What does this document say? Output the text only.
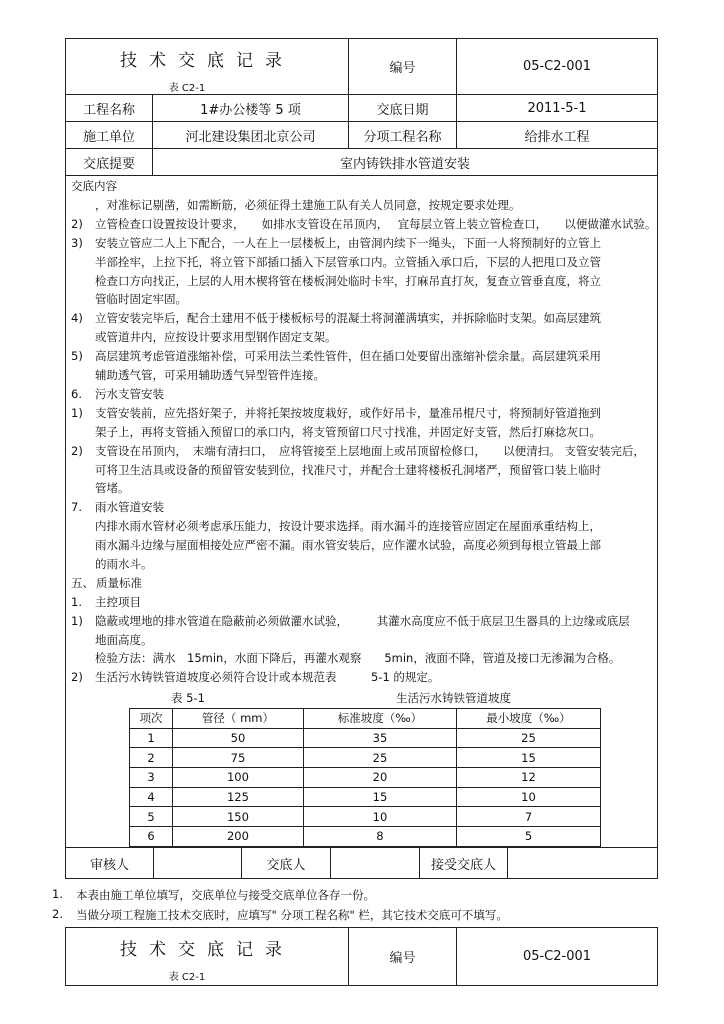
技术交底记录
表 C2-1
编号	05-C2-001
工程名称	1#办公楼等 5 项	交底日期	2011-5-1
施工单位	河北建设集团北京公司	分项工程名称	给排水工程
交底提要	室内铸铁排水管道安装
交底内容
表 5-1	生活污水铸铁管道坡度
，对准标记剔凿，如需断筋，必须征得土建施工队有关人员同意，按规定要求处理。
2) 立管检查口设置按设计要求，　　如排水支管设在吊顶内，　 宜每层立管上装立管检查口，　　以便做灌水试验。
3) 安装立管应二人上下配合，一人在上一层楼板上，由管洞内续下一绳头，下面一人将预制好的立管上
半部拴牢，上拉下托，将立管下部插口插入下层管承口内。立管插入承口后，下层的人把甩口及立管
检查口方向找正，上层的人用木楔将管在楼板洞处临时卡牢，打麻吊直打灰，复查立管垂直度，将立
管临时固定牢固。
4) 立管安装完毕后，配合土建用不低于楼板标号的混凝土将洞灌满填实，并拆除临时支架。如高层建筑
或管道井内，应按设计要求用型钢作固定支架。
5) 高层建筑考虑管道涨缩补偿，可采用法兰柔性管件，但在插口处要留出涨缩补偿余量。高层建筑采用
辅助透气管，可采用辅助透气异型管件连接。
6. 污水支管安装
1) 支管安装前，应先搭好架子，并将托架按坡度栽好，或作好吊卡，量准吊棍尺寸，将预制好管道拖到
架子上，再将支管插入预留口的承口内，将支管预留口尺寸找准，并固定好支管，然后打麻捻灰口。
2) 支管设在吊顶内，　末端有清扫口，　应将管接至上层地面上或吊顶留检修口，　　以便清扫。 支管安装完后，
可将卫生洁具或设备的预留管安装到位，找准尺寸，并配合土建将楼板孔洞堵严，预留管口装上临时
管堵。
7. 雨水管道安装
内排水雨水管材必须考虑承压能力，按设计要求选择。雨水漏斗的连接管应固定在屋面承重结构上，
雨水漏斗边缘与屋面相接处应严密不漏。雨水管安装后，应作灌水试验，高度必须到每根立管最上部
的雨水斗。
五、 质量标准
1. 主控项目
1) 隐蔽或埋地的排水管道在隐蔽前必须做灌水试验，　　　其灌水高度应不低于底层卫生器具的上边缘或底层
地面高度。
检验方法：满水　15min，水面下降后，再灌水观察　　5min，液面不降，管道及接口无渗漏为合格。
2) 生活污水铸铁管道坡度必须符合设计或本规范表　　　5-1 的规定。
项次	管径（ mm）	标准坡度（‰）	最小坡度（‰）
1	50	35	25
2	75	25	15
3	100	20	12
4	125	15	10
5	150	10	7
6	200	8	5
审核人	交底人	接受交底人
1. 本表由施工单位填写，交底单位与接受交底单位各存一份。
2. 当做分项工程施工技术交底时，应填写" 分项工程名称" 栏，其它技术交底可不填写。
技术交底记录
表 C2-1
编号	05-C2-001
